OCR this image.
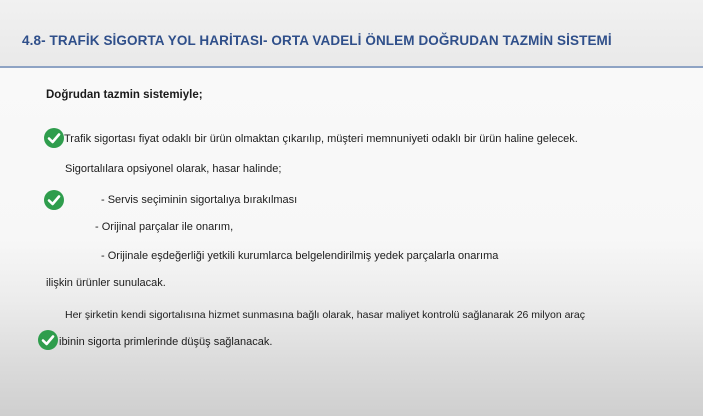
4.8- TRAFİK SİGORTA YOL HARİTASI- ORTA VADELİ ÖNLEM DOĞRUDAN TAZMİN SİSTEMİ
Doğrudan tazmin sistemiyle;
Trafik sigortası fiyat odaklı bir ürün olmaktan çıkarılıp, müşteri memnuniyeti odaklı bir ürün haline gelecek.
Sigortalılara opsiyonel olarak, hasar halinde;
- Servis seçiminin sigortalıya bırakılması
- Orijinal parçalar ile onarım,
- Orijinale eşdeğerliği yetkili kurumlarca belgelendirilmiş yedek parçalarla onarıma
ilişkin ürünler sunulacak.
Her şirketin kendi sigortalısına hizmet sunmasına bağlı olarak, hasar maliyet kontrolü sağlanarak 26 milyon araç
ibinin sigorta primlerinde düşüş sağlanacak.
